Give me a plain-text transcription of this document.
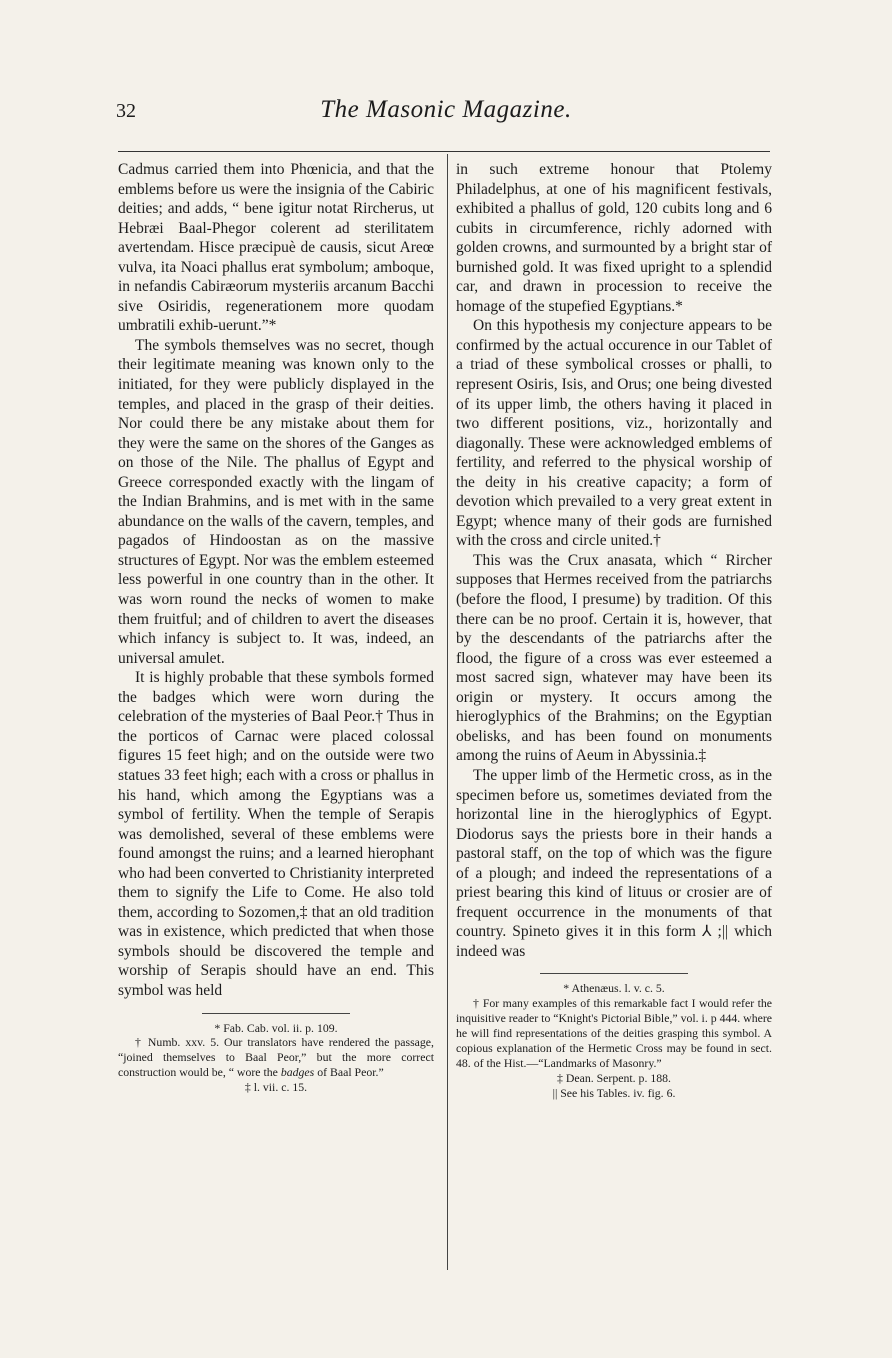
32	The Masonic Magazine.

Cadmus carried them into Phœnicia, and that the emblems before us were the insignia of the Cabiric deities; and adds, “ bene igitur notat Rircherus, ut Hebræi Baal-Phegor colerent ad sterilitatem avertendam. Hisce præcipuè de causis, sicut Areœ vulva, ita Noaci phallus erat symbolum; amboque, in nefandis Cabiræorum mysteriis arcanum Bacchi sive Osiridis, regenerationem more quodam umbratili exhib-uerunt.”*

The symbols themselves was no secret, though their legitimate meaning was known only to the initiated, for they were publicly displayed in the temples, and placed in the grasp of their deities. Nor could there be any mistake about them for they were the same on the shores of the Ganges as on those of the Nile. The phallus of Egypt and Greece corresponded exactly with the lingam of the Indian Brahmins, and is met with in the same abundance on the walls of the cavern, temples, and pagados of Hindoostan as on the massive structures of Egypt. Nor was the emblem esteemed less powerful in one country than in the other. It was worn round the necks of women to make them fruitful; and of children to avert the diseases which infancy is subject to. It was, indeed, an universal amulet.

It is highly probable that these symbols formed the badges which were worn during the celebration of the mysteries of Baal Peor.† Thus in the porticos of Carnac were placed colossal figures 15 feet high; and on the outside were two statues 33 feet high; each with a cross or phallus in his hand, which among the Egyptians was a symbol of fertility. When the temple of Serapis was demolished, several of these emblems were found amongst the ruins; and a learned hierophant who had been converted to Christianity interpreted them to signify the Life to Come. He also told them, according to Sozomen,‡ that an old tradition was in existence, which predicted that when those symbols should be discovered the temple and worship of Serapis should have an end. This symbol was held

* Fab. Cab. vol. ii. p. 109.

† Numb. xxv. 5. Our translators have rendered the passage, “joined themselves to Baal Peor,” but the more correct construction would be, “ wore the badges of Baal Peor.”

‡ l. vii. c. 15.

in such extreme honour that Ptolemy Philadelphus, at one of his magnificent festivals, exhibited a phallus of gold, 120 cubits long and 6 cubits in circumference, richly adorned with golden crowns, and surmounted by a bright star of burnished gold. It was fixed upright to a splendid car, and drawn in procession to receive the homage of the stupefied Egyptians.*

On this hypothesis my conjecture appears to be confirmed by the actual occurence in our Tablet of a triad of these symbolical crosses or phalli, to represent Osiris, Isis, and Orus; one being divested of its upper limb, the others having it placed in two different positions, viz., horizontally and diagonally. These were acknowledged emblems of fertility, and referred to the physical worship of the deity in his creative capacity; a form of devotion which prevailed to a very great extent in Egypt; whence many of their gods are furnished with the cross and circle united.†

This was the Crux anasata, which “ Rircher supposes that Hermes received from the patriarchs (before the flood, I presume) by tradition. Of this there can be no proof. Certain it is, however, that by the descendants of the patriarchs after the flood, the figure of a cross was ever esteemed a most sacred sign, whatever may have been its origin or mystery. It occurs among the hieroglyphics of the Brahmins; on the Egyptian obelisks, and has been found on monuments among the ruins of Aeum in Abyssinia.‡

The upper limb of the Hermetic cross, as in the specimen before us, sometimes deviated from the horizontal line in the hieroglyphics of Egypt. Diodorus says the priests bore in their hands a pastoral staff, on the top of which was the figure of a plough; and indeed the representations of a priest bearing this kind of lituus or crosier are of frequent occurrence in the monuments of that country. Spineto gives it in this form ⅄ ;|| which indeed was

* Athenæus. l. v. c. 5.

† For many examples of this remarkable fact I would refer the inquisitive reader to “Knight's Pictorial Bible,” vol. i. p 444. where he will find representations of the deities grasping this symbol. A copious explanation of the Hermetic Cross may be found in sect. 48. of the Hist.—“Landmarks of Masonry.”

‡ Dean. Serpent. p. 188.

|| See his Tables. iv. fig. 6.
